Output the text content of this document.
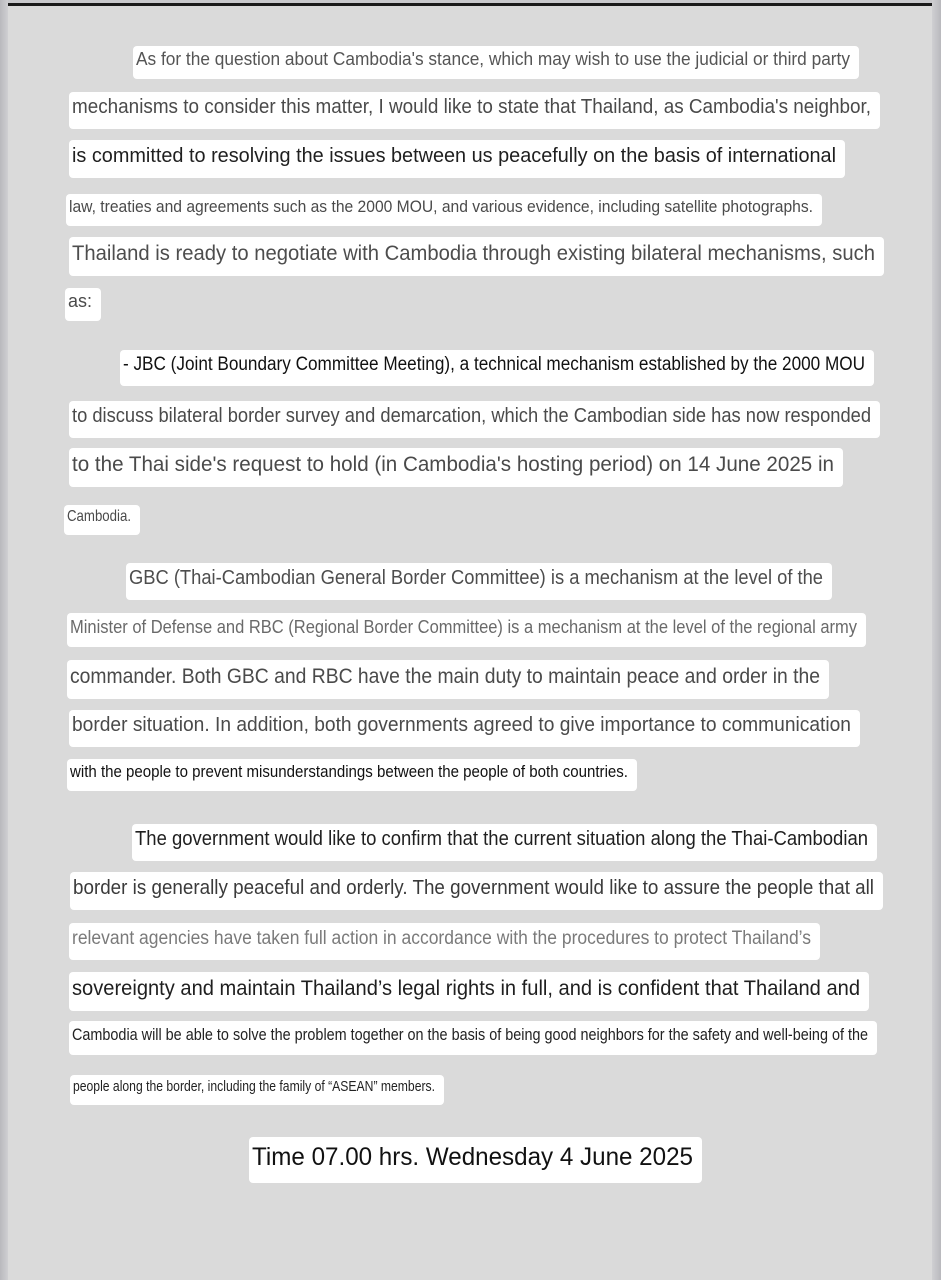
As for the question about Cambodia's stance, which may wish to use the judicial or third party
mechanisms to consider this matter, I would like to state that Thailand, as Cambodia's neighbor,
is committed to resolving the issues between us peacefully on the basis of international
law, treaties and agreements such as the 2000 MOU, and various evidence, including satellite photographs.
Thailand is ready to negotiate with Cambodia through existing bilateral mechanisms, such
as:
- JBC (Joint Boundary Committee Meeting), a technical mechanism established by the 2000 MOU
to discuss bilateral border survey and demarcation, which the Cambodian side has now responded
to the Thai side's request to hold (in Cambodia's hosting period) on 14 June 2025 in
Cambodia.
GBC (Thai-Cambodian General Border Committee) is a mechanism at the level of the
Minister of Defense and RBC (Regional Border Committee) is a mechanism at the level of the regional army
commander. Both GBC and RBC have the main duty to maintain peace and order in the
border situation. In addition, both governments agreed to give importance to communication
with the people to prevent misunderstandings between the people of both countries.
The government would like to confirm that the current situation along the Thai-Cambodian
border is generally peaceful and orderly. The government would like to assure the people that all
relevant agencies have taken full action in accordance with the procedures to protect Thailand’s
sovereignty and maintain Thailand’s legal rights in full, and is confident that Thailand and
Cambodia will be able to solve the problem together on the basis of being good neighbors for the safety and well-being of the
people along the border, including the family of “ASEAN” members.
Time 07.00 hrs. Wednesday 4 June 2025
